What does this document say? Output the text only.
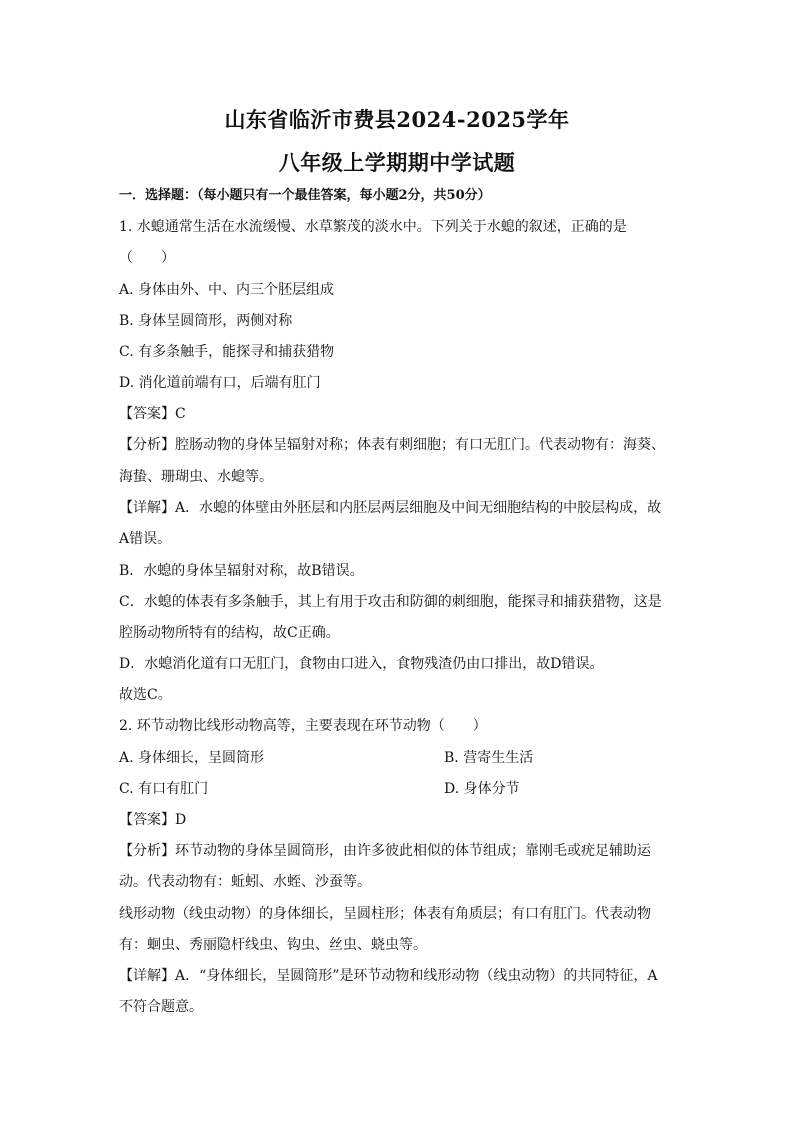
山东省临沂市费县2024-2025学年
八年级上学期期中学试题
一．选择题：（每小题只有一个最佳答案，每小题2分，共50分）
1. 水螅通常生活在水流缓慢、水草繁茂的淡水中。下列关于水螅的叙述，正确的是
（　　）
A. 身体由外、中、内三个胚层组成
B. 身体呈圆筒形，两侧对称
C. 有多条触手，能探寻和捕获猎物
D. 消化道前端有口，后端有肛门
【答案】C
【分析】腔肠动物的身体呈辐射对称；体表有刺细胞；有口无肛门。代表动物有：海葵、
海蛰、珊瑚虫、水螅等。
【详解】A．水螅的体壁由外胚层和内胚层两层细胞及中间无细胞结构的中胶层构成，故
A错误。
B．水螅的身体呈辐射对称，故B错误。
C．水螅的体表有多条触手，其上有用于攻击和防御的刺细胞，能探寻和捕获猎物，这是
腔肠动物所特有的结构，故C正确。
D．水螅消化道有口无肛门，食物由口进入，食物残渣仍由口排出，故D错误。
故选C。
2. 环节动物比线形动物高等，主要表现在环节动物（　　）
A. 身体细长，呈圆筒形	B. 营寄生生活
C. 有口有肛门	D. 身体分节
【答案】D
【分析】环节动物的身体呈圆筒形，由许多彼此相似的体节组成；靠刚毛或疣足辅助运
动。代表动物有：蚯蚓、水蛭、沙蚕等。
线形动物（线虫动物）的身体细长，呈圆柱形；体表有角质层；有口有肛门。代表动物
有：蛔虫、秀丽隐杆线虫、钩虫、丝虫、蛲虫等。
【详解】A．“身体细长，呈圆筒形”是环节动物和线形动物（线虫动物）的共同特征，A
不符合题意。
